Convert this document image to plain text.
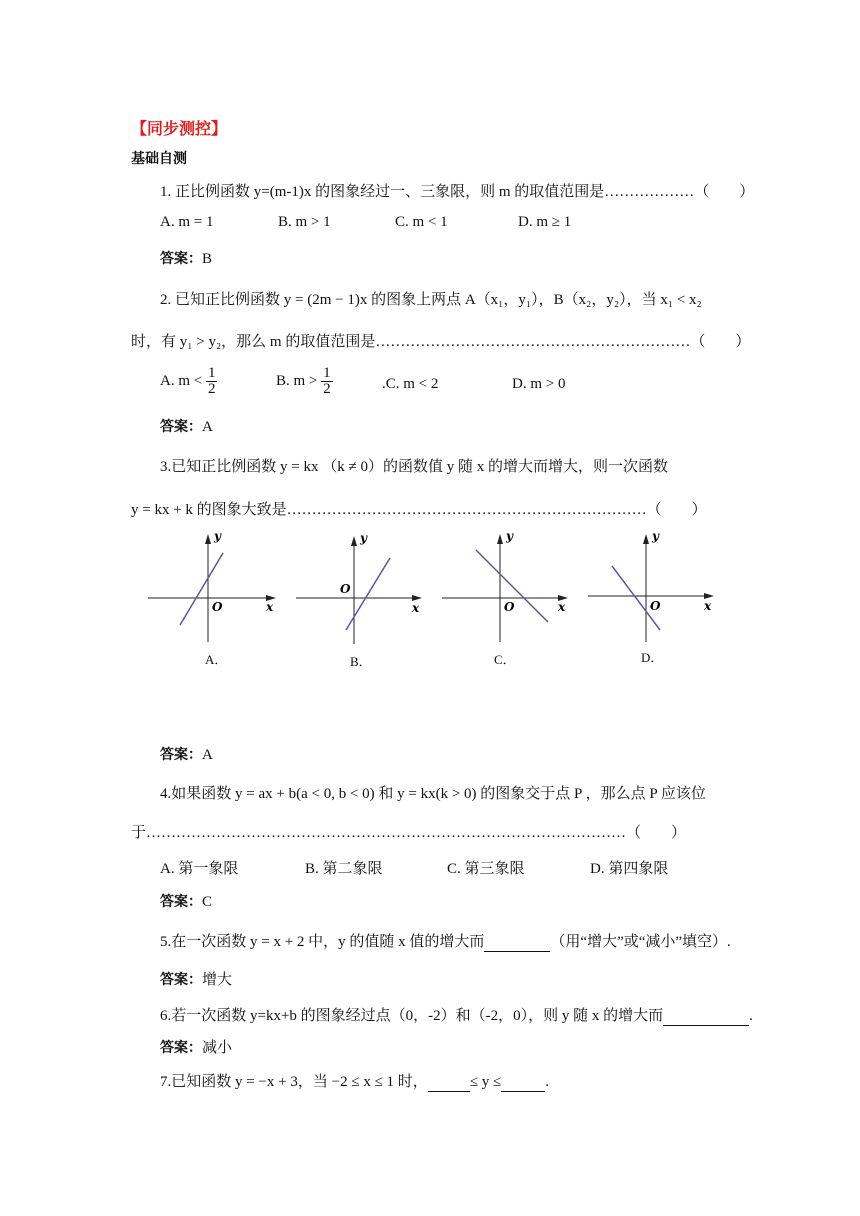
【同步测控】
基础自测
1. 正比例函数 y=(m-1)x 的图象经过一、三象限，则 m 的取值范围是………………（　　）
A. m = 1	B. m > 1	C. m < 1	D. m ≥ 1
答案：B
2. 已知正比例函数 y = (2m − 1)x 的图象上两点 A（x₁，y₁），B（x₂，y₂），当 x₁ < x₂
时，有 y₁ > y₂，那么 m 的取值范围是………………………………………………………（　　）
A. $m < \frac{1}{2}$	B. $m > \frac{1}{2}$	.C. m < 2	D. m > 0
答案：A
3.已知正比例函数 y = kx （k ≠ 0）的函数值 y 随 x 的增大而增大，则一次函数
y = kx + k 的图象大致是………………………………………………………………（　　）
y
x
O
A．
y
x
O
B．
y
x
O
C．
y
x
O
D．
答案：A
4.如果函数 y = ax + b(a < 0, b < 0) 和 y = kx(k > 0) 的图象交于点 P ，那么点 P 应该位
于……………………………………………………………………………………（　　）
A. 第一象限	B. 第二象限	C. 第三象限	D. 第四象限
答案：C
5.在一次函数 y = x + 2 中，y 的值随 x 值的增大而	（用“增大”或“减小”填空）.
答案：增大
6.若一次函数 y=kx+b 的图象经过点（0，-2）和（-2，0），则 y 随 x 的增大而	.
答案：减小
7.已知函数 y = −x + 3，当 −2 ≤ x ≤ 1 时，	≤ y ≤	.
